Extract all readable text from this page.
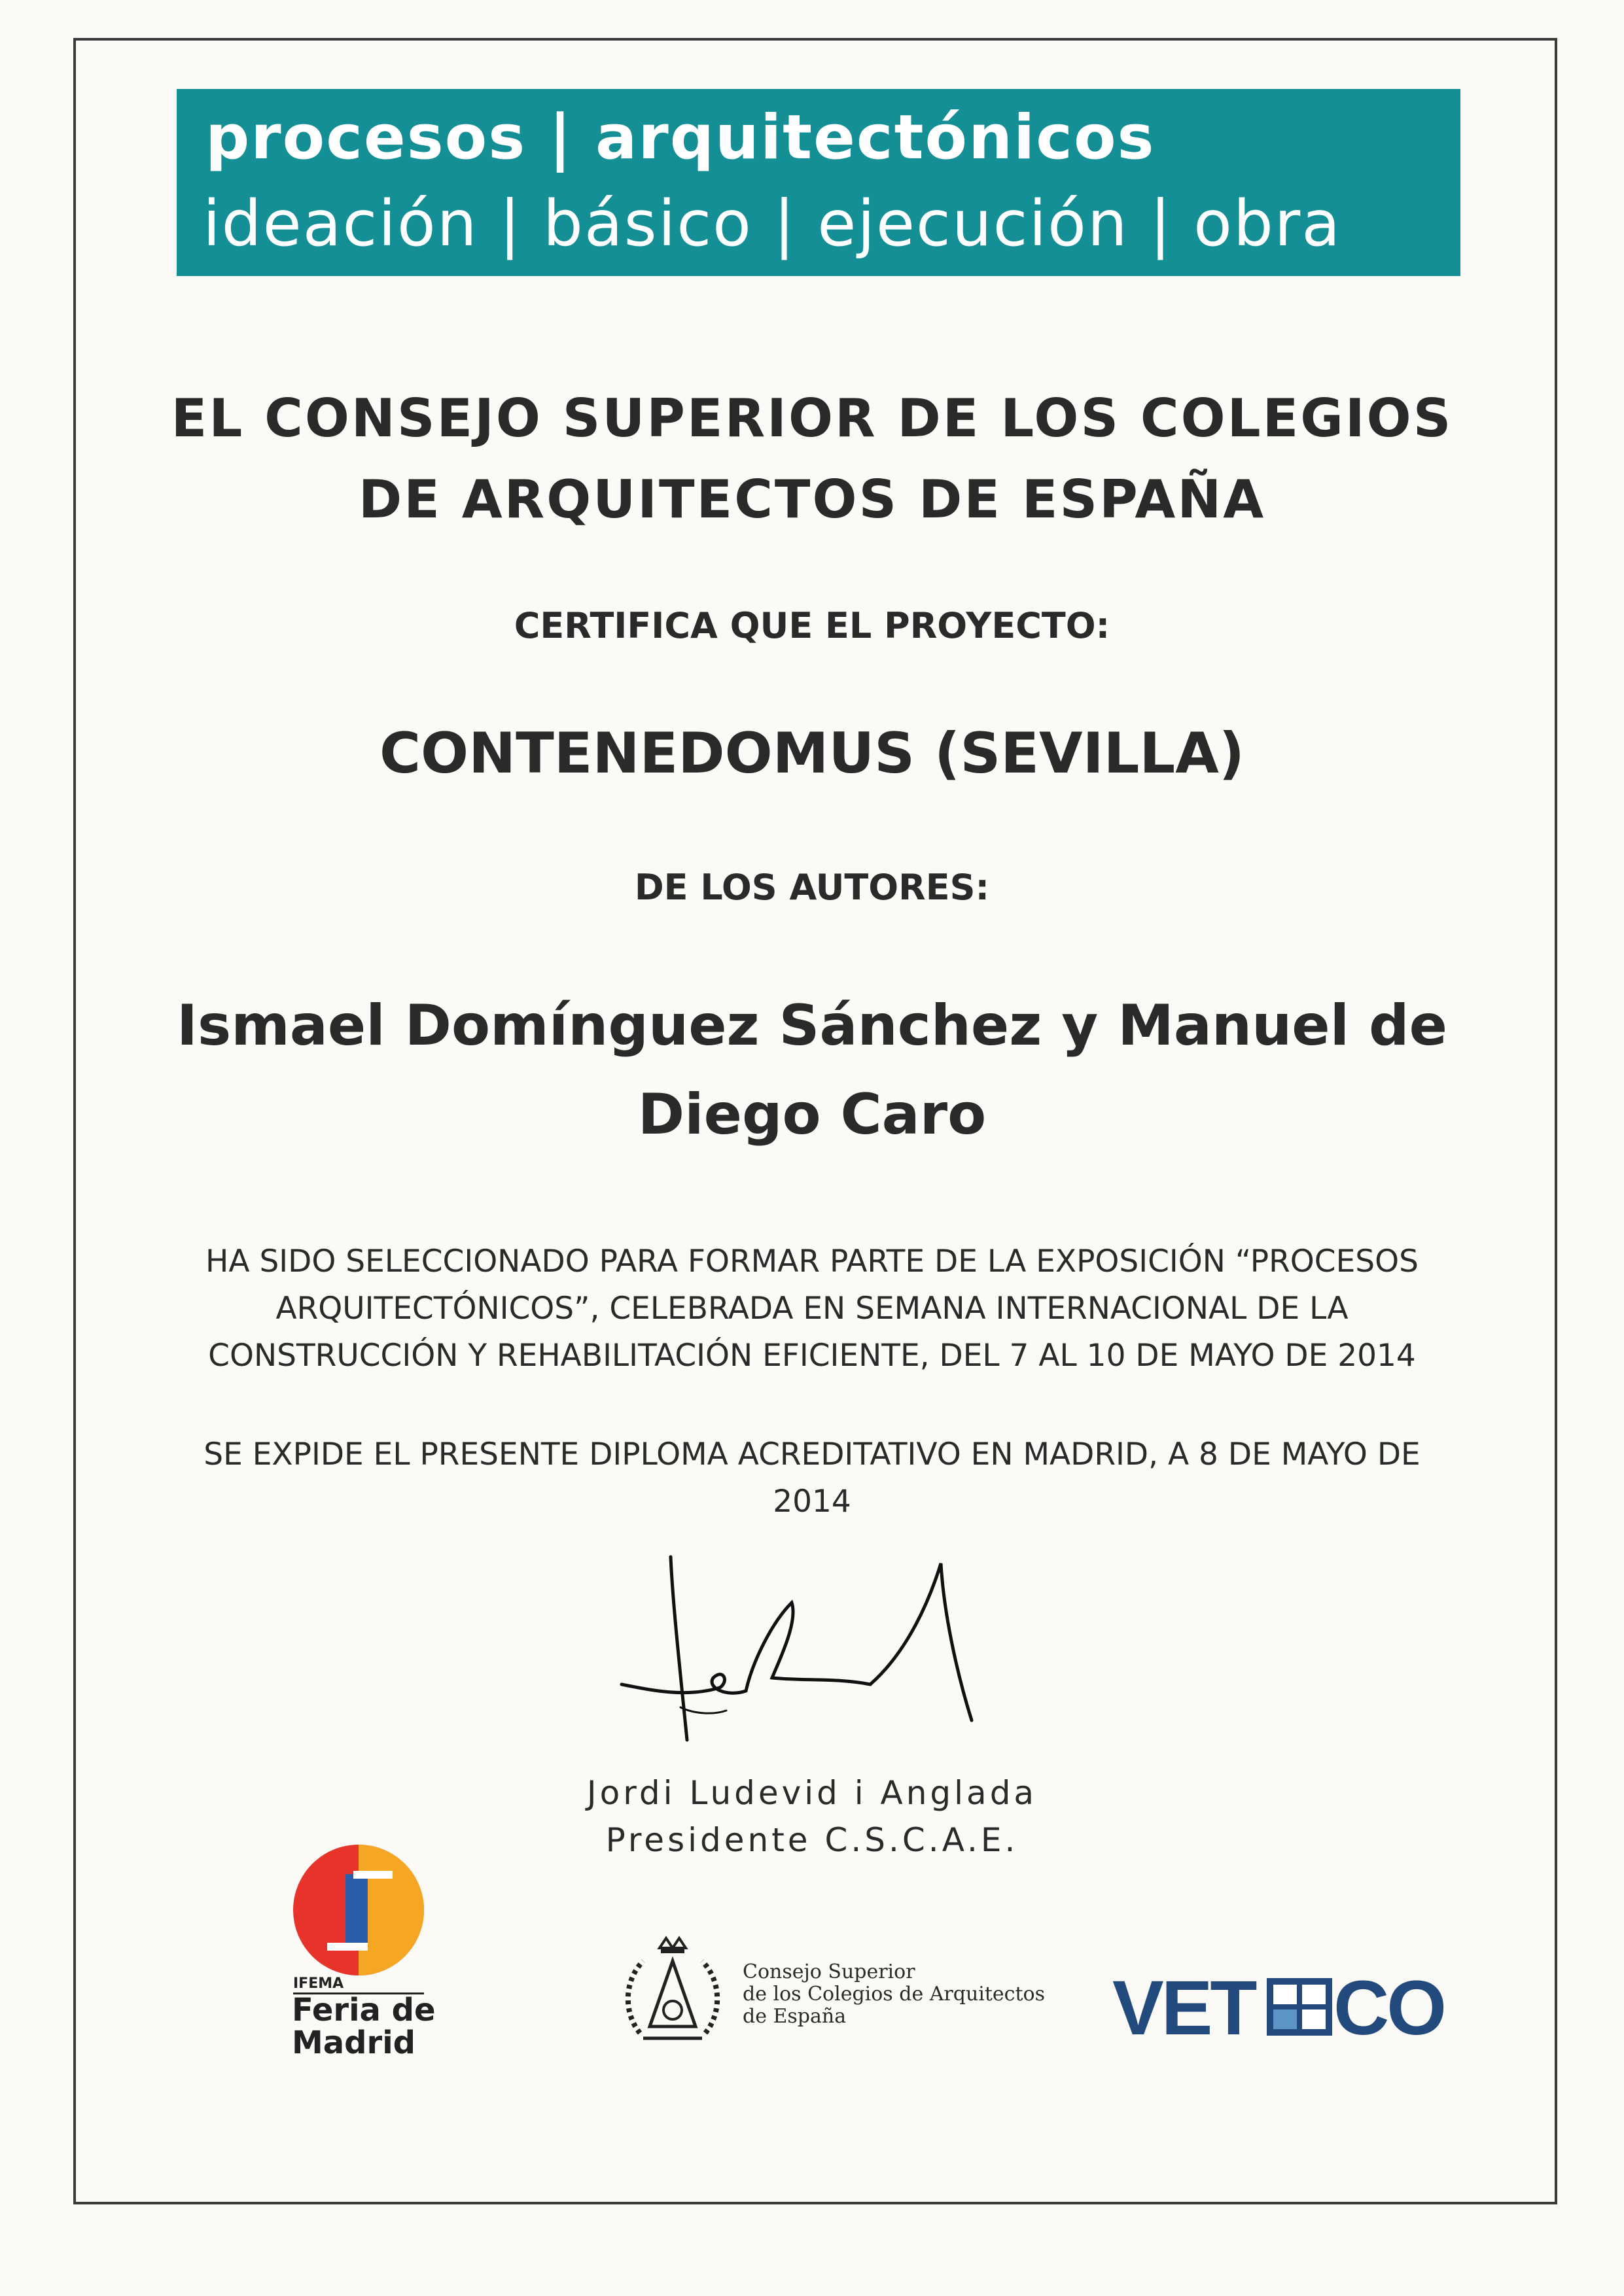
procesos | arquitectónicos
ideación | básico | ejecución | obra
EL CONSEJO SUPERIOR DE LOS COLEGIOS
DE ARQUITECTOS DE ESPAÑA
CERTIFICA QUE EL PROYECTO:
CONTENEDOMUS (SEVILLA)
DE LOS AUTORES:
Ismael Domínguez Sánchez y Manuel de
Diego Caro
HA SIDO SELECCIONADO PARA FORMAR PARTE DE LA EXPOSICIÓN “PROCESOS
ARQUITECTÓNICOS”, CELEBRADA EN SEMANA INTERNACIONAL DE LA
CONSTRUCCIÓN Y REHABILITACIÓN EFICIENTE, DEL 7 AL 10 DE MAYO DE 2014
SE EXPIDE EL PRESENTE DIPLOMA ACREDITATIVO EN MADRID, A 8 DE MAYO DE
2014
Jordi Ludevid i Anglada
Presidente C.S.C.A.E.
IFEMA
Feria de
Madrid
Consejo Superior
de los Colegios de Arquitectos
de España	VET CO
